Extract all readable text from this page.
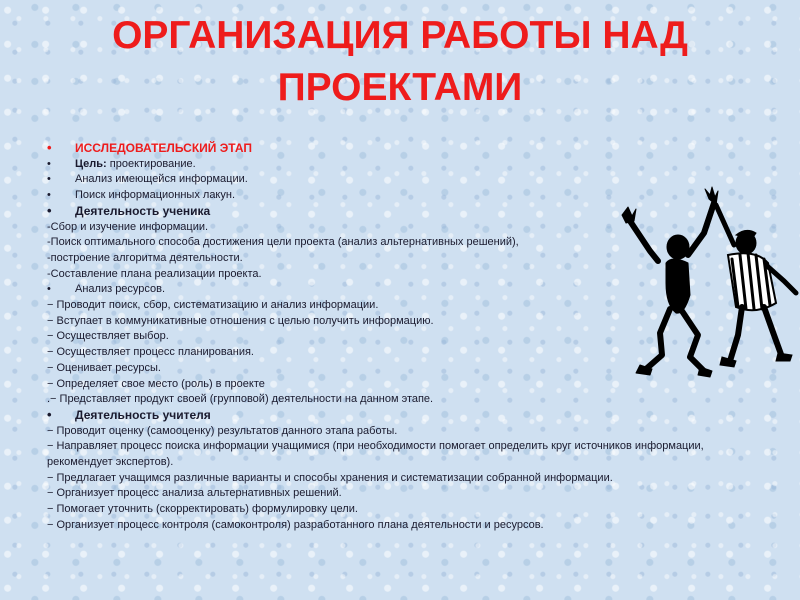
ОРГАНИЗАЦИЯ РАБОТЫ НАД
ПРОЕКТАМИ
• ИССЛЕДОВАТЕЛЬСКИЙ ЭТАП
• Цель: проектирование.
• Анализ имеющейся информации.
• Поиск информационных лакун.
• Деятельность ученика
-Сбор и изучение информации.
-Поиск оптимального способа достижения цели проекта (анализ альтернативных решений),
-построение алгоритма деятельности.
-Составление плана реализации проекта.
• Анализ ресурсов.
− Проводит поиск, сбор, систематизацию и анализ информации.
− Вступает в коммуникативные отношения с целью получить информацию.
− Осуществляет выбор.
− Осуществляет процесс планирования.
− Оценивает ресурсы.
− Определяет свое место (роль) в проекте
.− Представляет продукт своей (групповой) деятельности на данном этапе.
• Деятельность учителя
− Проводит оценку (самооценку) результатов данного этапа работы.
− Направляет процесс поиска информации учащимися (при необходимости помогает определить круг источников информации, рекомендует экспертов).
− Предлагает учащимся различные варианты и способы хранения и систематизации собранной информации.
− Организует процесс анализа альтернативных решений.
− Помогает уточнить (скорректировать) формулировку цели.
− Организует процесс контроля (самоконтроля) разработанного плана деятельности и ресурсов.
